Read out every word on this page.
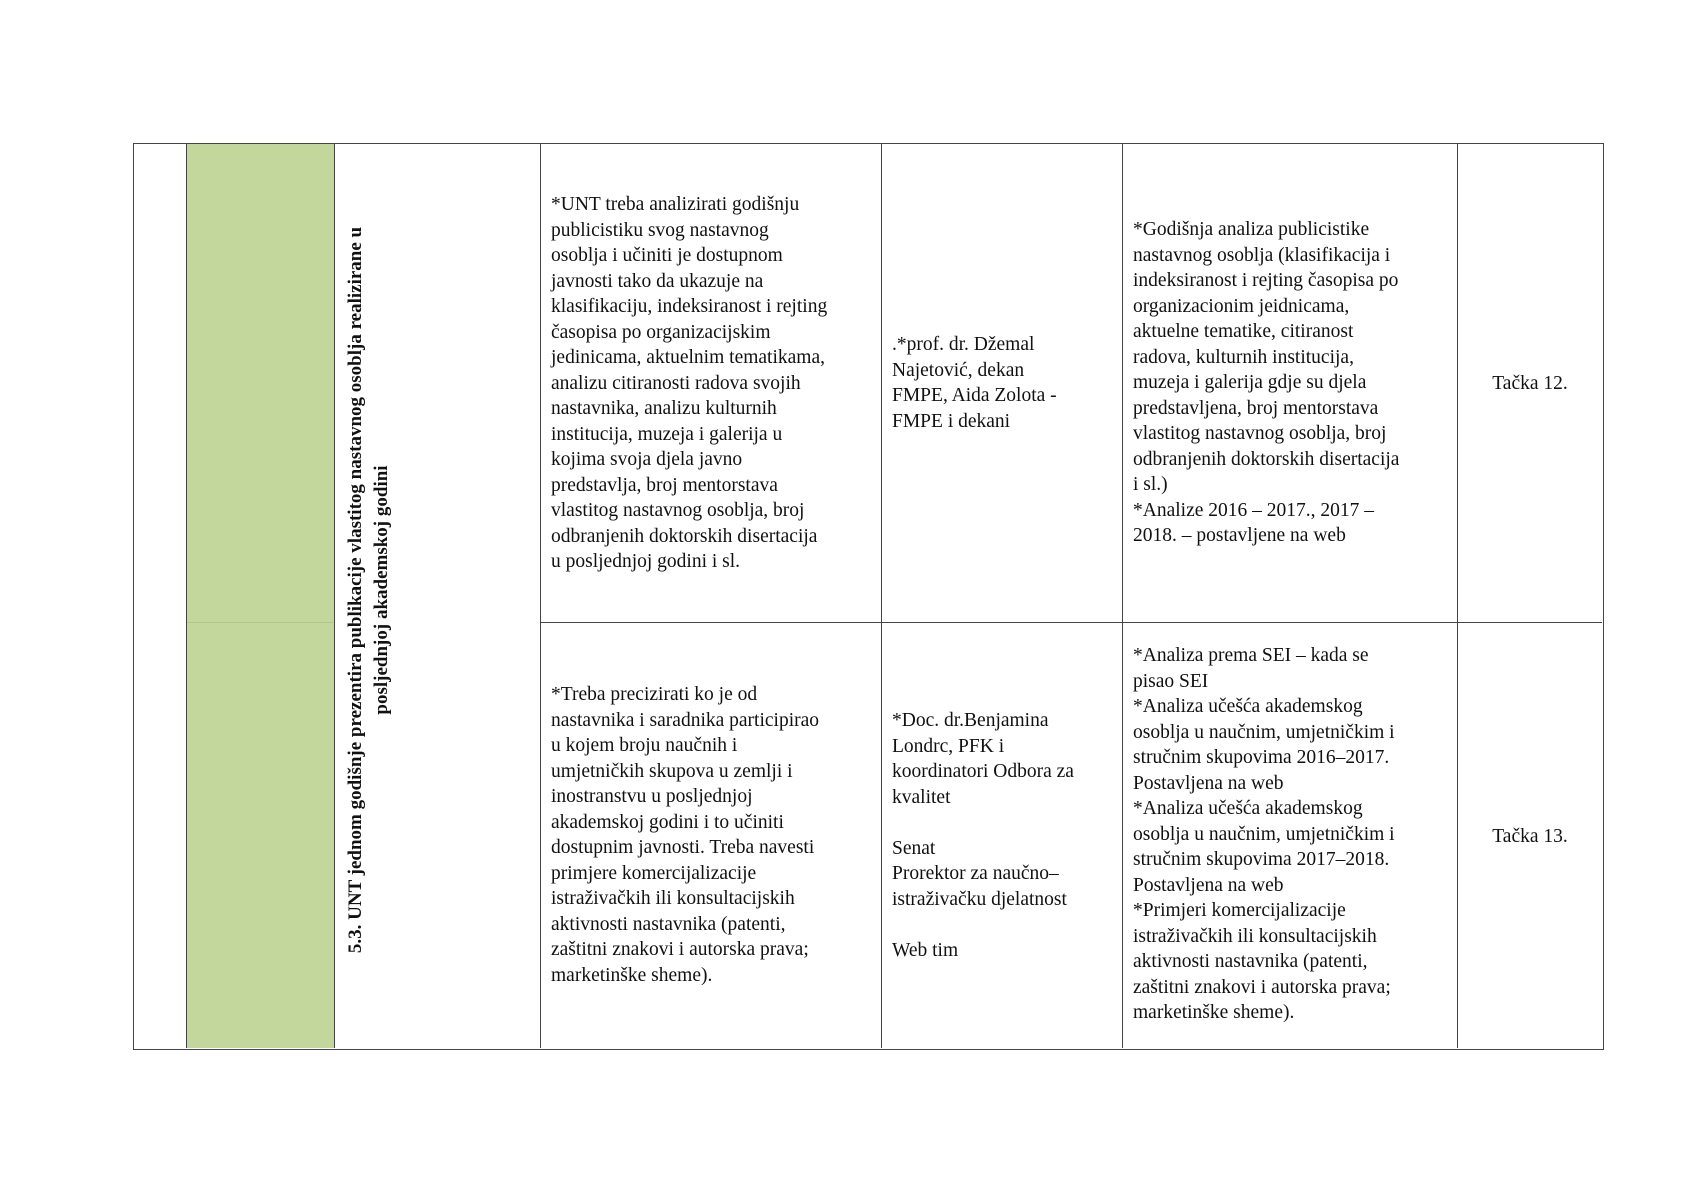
5.3. UNT jednom godišnje prezentira publikacije vlastitog nastavnog osoblja realizirane u
posljednjoj akademskoj godini
*UNT treba analizirati godišnju
publicistiku svog nastavnog
osoblja i učiniti je dostupnom
javnosti tako da ukazuje na
klasifikaciju, indeksiranost i rejting
časopisa po organizacijskim
jedinicama, aktuelnim tematikama,
analizu citiranosti radova svojih
nastavnika, analizu kulturnih
institucija, muzeja i galerija u
kojima svoja djela javno
predstavlja, broj mentorstava
vlastitog nastavnog osoblja, broj
odbranjenih doktorskih disertacija
u posljednjoj godini i sl.
.*prof. dr. Džemal
Najetović, dekan
FMPE, Aida Zolota -
FMPE i dekani
*Godišnja analiza publicistike
nastavnog osoblja (klasifikacija i
indeksiranost i rejting časopisa po
organizacionim jeidnicama,
aktuelne tematike, citiranost
radova, kulturnih institucija,
muzeja i galerija gdje su djela
predstavljena, broj mentorstava
vlastitog nastavnog osoblja, broj
odbranjenih doktorskih disertacija
i sl.)
*Analize 2016 – 2017., 2017 –
2018. – postavljene na web
Tačka 12.
*Treba precizirati ko je od
nastavnika i saradnika participirao
u kojem broju naučnih i
umjetničkih skupova u zemlji i
inostranstvu u posljednjoj
akademskoj godini i to učiniti
dostupnim javnosti. Treba navesti
primjere komercijalizacije
istraživačkih ili konsultacijskih
aktivnosti nastavnika (patenti,
zaštitni znakovi i autorska prava;
marketinške sheme).
*Doc. dr.Benjamina
Londrc, PFK i
koordinatori Odbora za
kvalitet

Senat
Prorektor za naučno–
istraživačku djelatnost

Web tim
*Analiza prema SEI – kada se
pisao SEI
*Analiza učešća akademskog
osoblja u naučnim, umjetničkim i
stručnim skupovima 2016–2017.
Postavljena na web
*Analiza učešća akademskog
osoblja u naučnim, umjetničkim i
stručnim skupovima 2017–2018.
Postavljena na web
*Primjeri komercijalizacije
istraživačkih ili konsultacijskih
aktivnosti nastavnika (patenti,
zaštitni znakovi i autorska prava;
marketinške sheme).
Tačka 13.
